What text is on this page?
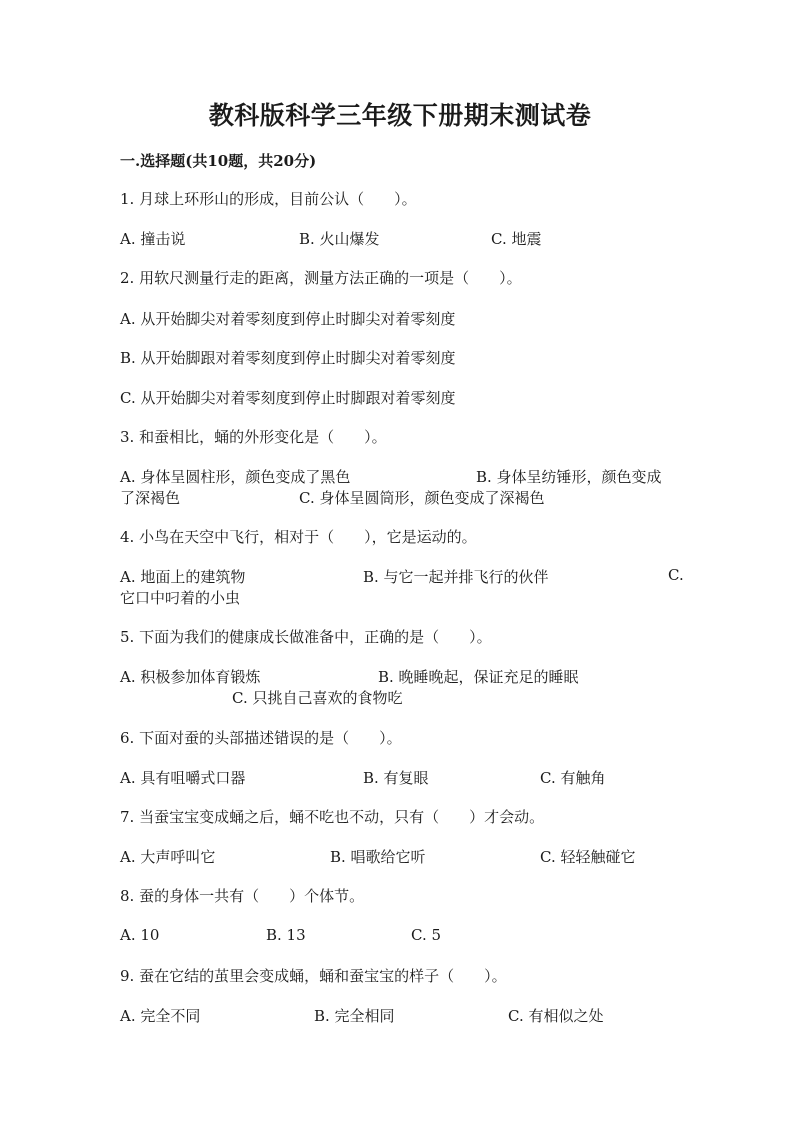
教科版科学三年级下册期末测试卷

一.选择题(共10题，共20分)

1. 月球上环形山的形成，目前公认（　　）。

A. 撞击说	B. 火山爆发	C. 地震

2. 用软尺测量行走的距离，测量方法正确的一项是（　　）。

A. 从开始脚尖对着零刻度到停止时脚尖对着零刻度

B. 从开始脚跟对着零刻度到停止时脚尖对着零刻度

C. 从开始脚尖对着零刻度到停止时脚跟对着零刻度

3. 和蚕相比，蛹的外形变化是（　　）。

A. 身体呈圆柱形，颜色变成了黑色	B. 身体呈纺锤形，颜色变成

了深褐色	C. 身体呈圆筒形，颜色变成了深褐色

4. 小鸟在天空中飞行，相对于（　　），它是运动的。

A. 地面上的建筑物	B. 与它一起并排飞行的伙伴	C.

它口中叼着的小虫

5. 下面为我们的健康成长做准备中，正确的是（　　）。

A. 积极参加体育锻炼	B. 晚睡晚起，保证充足的睡眠

C. 只挑自己喜欢的食物吃

6. 下面对蚕的头部描述错误的是（　　）。

A. 具有咀嚼式口器	B. 有复眼	C. 有触角

7. 当蚕宝宝变成蛹之后，蛹不吃也不动，只有（　　）才会动。

A. 大声呼叫它	B. 唱歌给它听	C. 轻轻触碰它

8. 蚕的身体一共有（　　）个体节。

A. 10	B. 13	C. 5

9. 蚕在它结的茧里会变成蛹，蛹和蚕宝宝的样子（　　）。

A. 完全不同	B. 完全相同	C. 有相似之处
